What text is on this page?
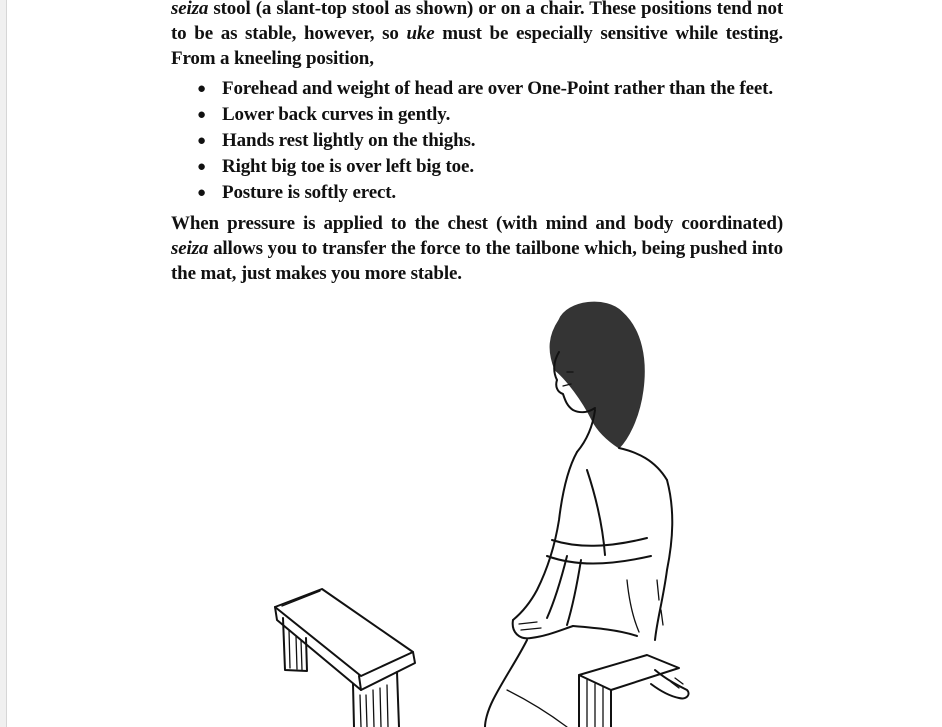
seiza stool (a slant-top stool as shown) or on a chair. These positions tend not to be as stable, however, so uke must be especially sensitive while testing. From a kneeling position,

● Forehead and weight of head are over One-Point rather than the feet.
● Lower back curves in gently.
● Hands rest lightly on the thighs.
● Right big toe is over left big toe.
● Posture is softly erect.

When pressure is applied to the chest (with mind and body coordinated) seiza allows you to transfer the force to the tailbone which, being pushed into the mat, just makes you more stable.
